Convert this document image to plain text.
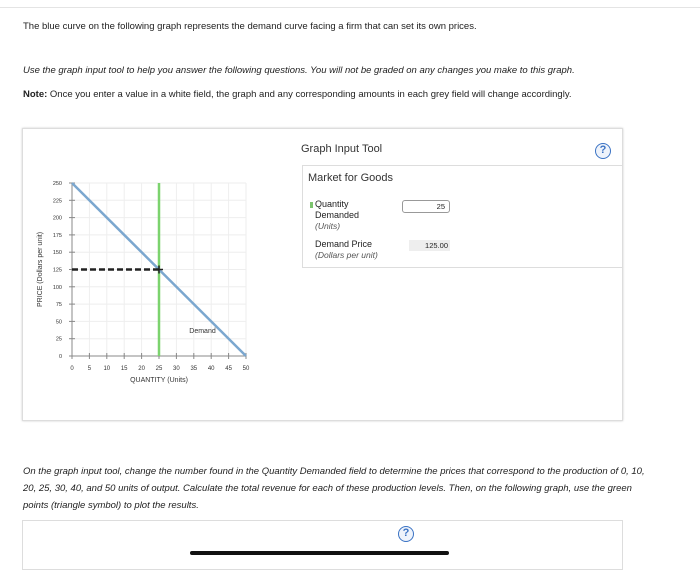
The blue curve on the following graph represents the demand curve facing a firm that can set its own prices.
Use the graph input tool to help you answer the following questions. You will not be graded on any changes you make to this graph.
Note: Once you enter a value in a white field, the graph and any corresponding amounts in each grey field will change accordingly.
0 5 10 15 20 25 30 35 40 45 50
0
25
50
75
100
125
150
175
200
225
250
QUANTITY (Units)
PRICE (Dollars per unit)
Demand
Graph Input Tool	?
Market for Goods
Quantity
Demanded
(Units)
25
Demand Price
(Dollars per unit)
125.00
On the graph input tool, change the number found in the Quantity Demanded field to determine the prices that correspond to the production of 0, 10, 20, 25, 30, 40, and 50 units of output. Calculate the total revenue for each of these production levels. Then, on the following graph, use the green points (triangle symbol) to plot the results.
?
